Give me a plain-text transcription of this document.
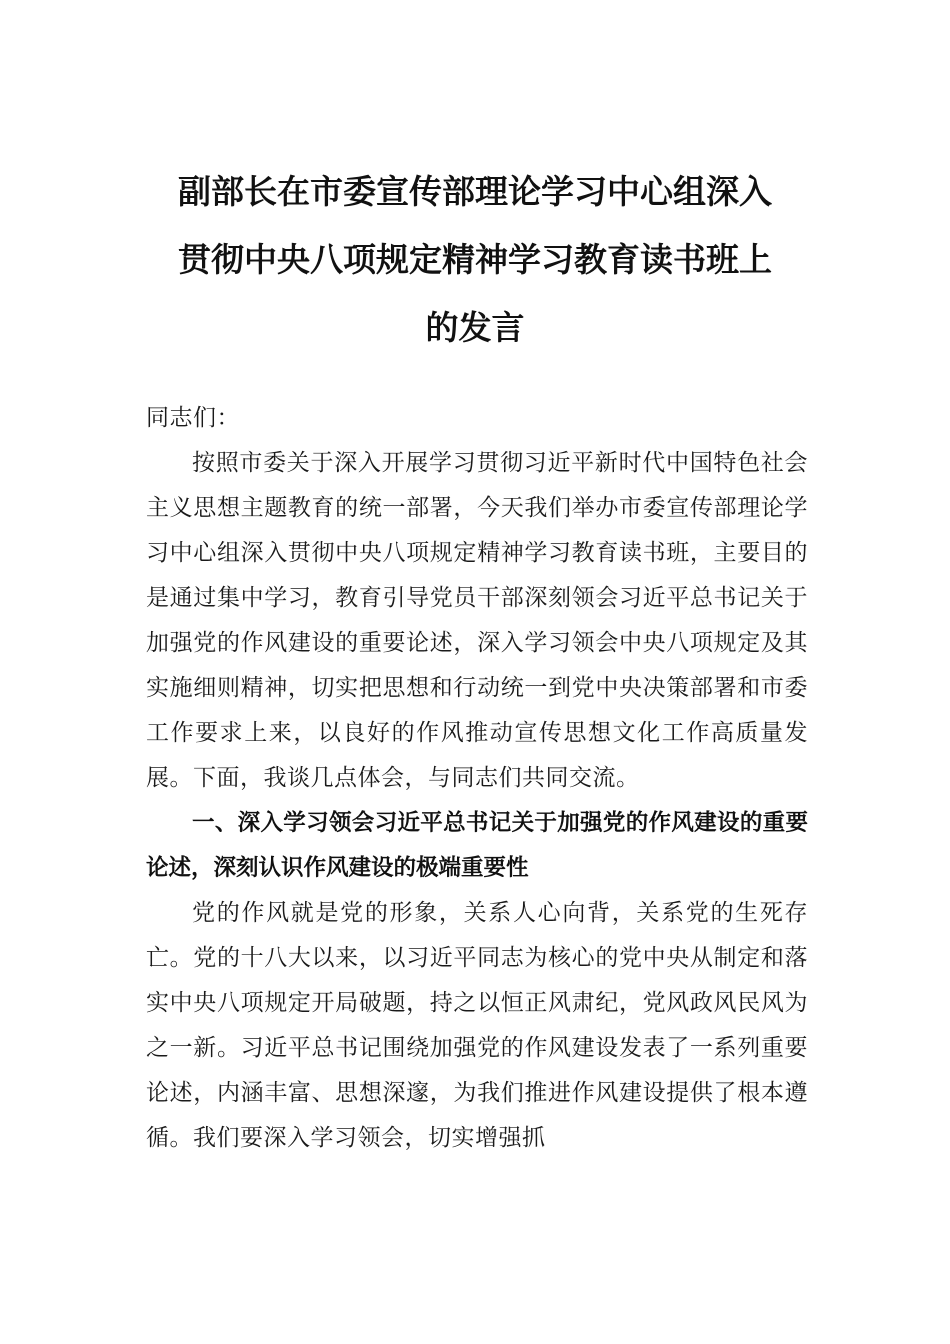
副部长在市委宣传部理论学习中心组深入
贯彻中央八项规定精神学习教育读书班上
的发言

同志们：

按照市委关于深入开展学习贯彻习近平新时代中国特色社会主义思想主题教育的统一部署，今天我们举办市委宣传部理论学习中心组深入贯彻中央八项规定精神学习教育读书班，主要目的是通过集中学习，教育引导党员干部深刻领会习近平总书记关于加强党的作风建设的重要论述，深入学习领会中央八项规定及其实施细则精神，切实把思想和行动统一到党中央决策部署和市委工作要求上来，以良好的作风推动宣传思想文化工作高质量发展。下面，我谈几点体会，与同志们共同交流。

一、深入学习领会习近平总书记关于加强党的作风建设的重要论述，深刻认识作风建设的极端重要性

党的作风就是党的形象，关系人心向背，关系党的生死存亡。党的十八大以来，以习近平同志为核心的党中央从制定和落实中央八项规定开局破题，持之以恒正风肃纪，党风政风民风为之一新。习近平总书记围绕加强党的作风建设发表了一系列重要论述，内涵丰富、思想深邃，为我们推进作风建设提供了根本遵循。我们要深入学习领会，切实增强抓
